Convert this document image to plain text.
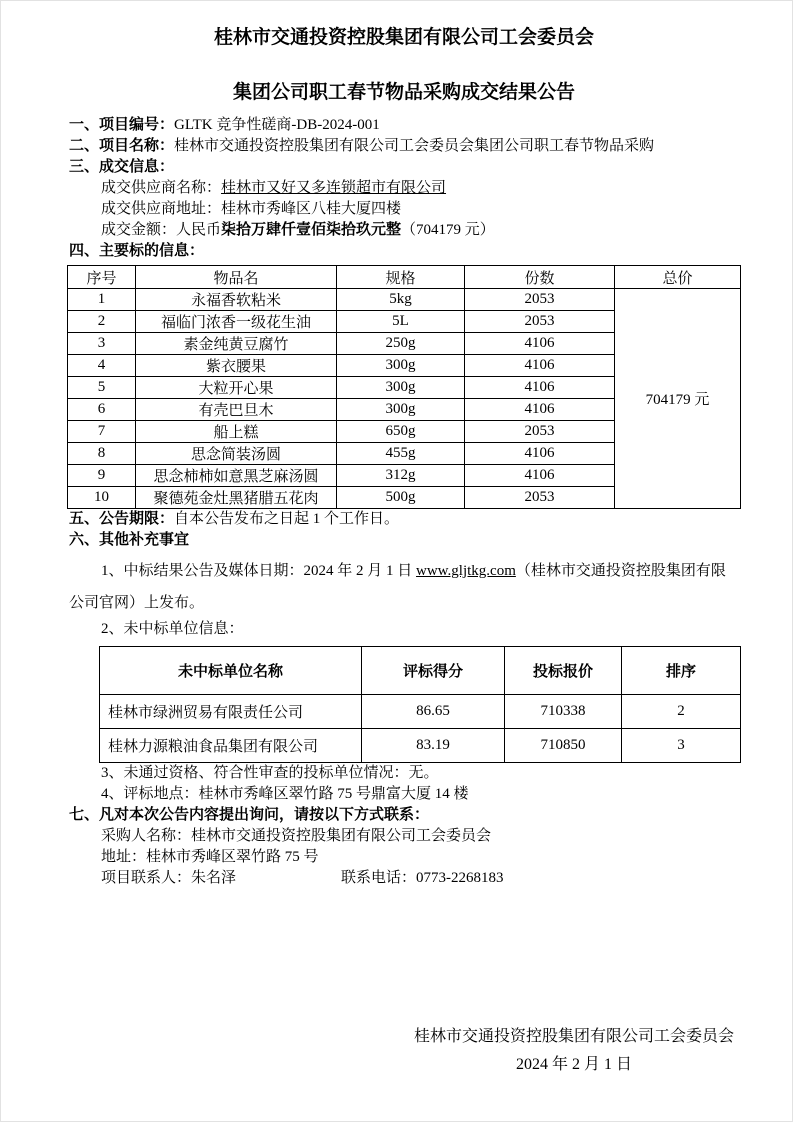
桂林市交通投资控股集团有限公司工会委员会
集团公司职工春节物品采购成交结果公告

一、项目编号：GLTK 竞争性磋商-DB-2024-001

二、项目名称：桂林市交通投资控股集团有限公司工会委员会集团公司职工春节物品采购

三、成交信息：

成交供应商名称：桂林市又好又多连锁超市有限公司

成交供应商地址：桂林市秀峰区八桂大厦四楼

成交金额：人民币柒拾万肆仟壹佰柒拾玖元整（704179 元）

四、主要标的信息：

序号	物品名	规格	份数	总价
1	永福香软粘米	5kg	2053	704179 元
2	福临门浓香一级花生油	5L	2053	
3	素金纯黄豆腐竹	250g	4106	
4	紫衣腰果	300g	4106	
5	大粒开心果	300g	4106	
6	有壳巴旦木	300g	4106	
7	船上糕	650g	2053	
8	思念简装汤圆	455g	4106	
9	思念柿柿如意黑芝麻汤圆	312g	4106	
10	聚德苑金灶黑猪腊五花肉	500g	2053	

五、公告期限：自本公告发布之日起 1 个工作日。

六、其他补充事宜

1、中标结果公告及媒体日期：2024 年 2 月 1 日 www.gljtkg.com（桂林市交通投资控股集团有限公司官网）上发布。

2、未中标单位信息：

未中标单位名称	评标得分	投标报价	排序
桂林市绿洲贸易有限责任公司	86.65	710338	2
桂林力源粮油食品集团有限公司	83.19	710850	3

3、未通过资格、符合性审查的投标单位情况：无。

4、评标地点：桂林市秀峰区翠竹路 75 号鼎富大厦 14 楼

七、凡对本次公告内容提出询问，请按以下方式联系：

采购人名称：桂林市交通投资控股集团有限公司工会委员会

地址：桂林市秀峰区翠竹路 75 号

项目联系人：朱名泽	联系电话：0773-2268183

桂林市交通投资控股集团有限公司工会委员会
2024 年 2 月 1 日
